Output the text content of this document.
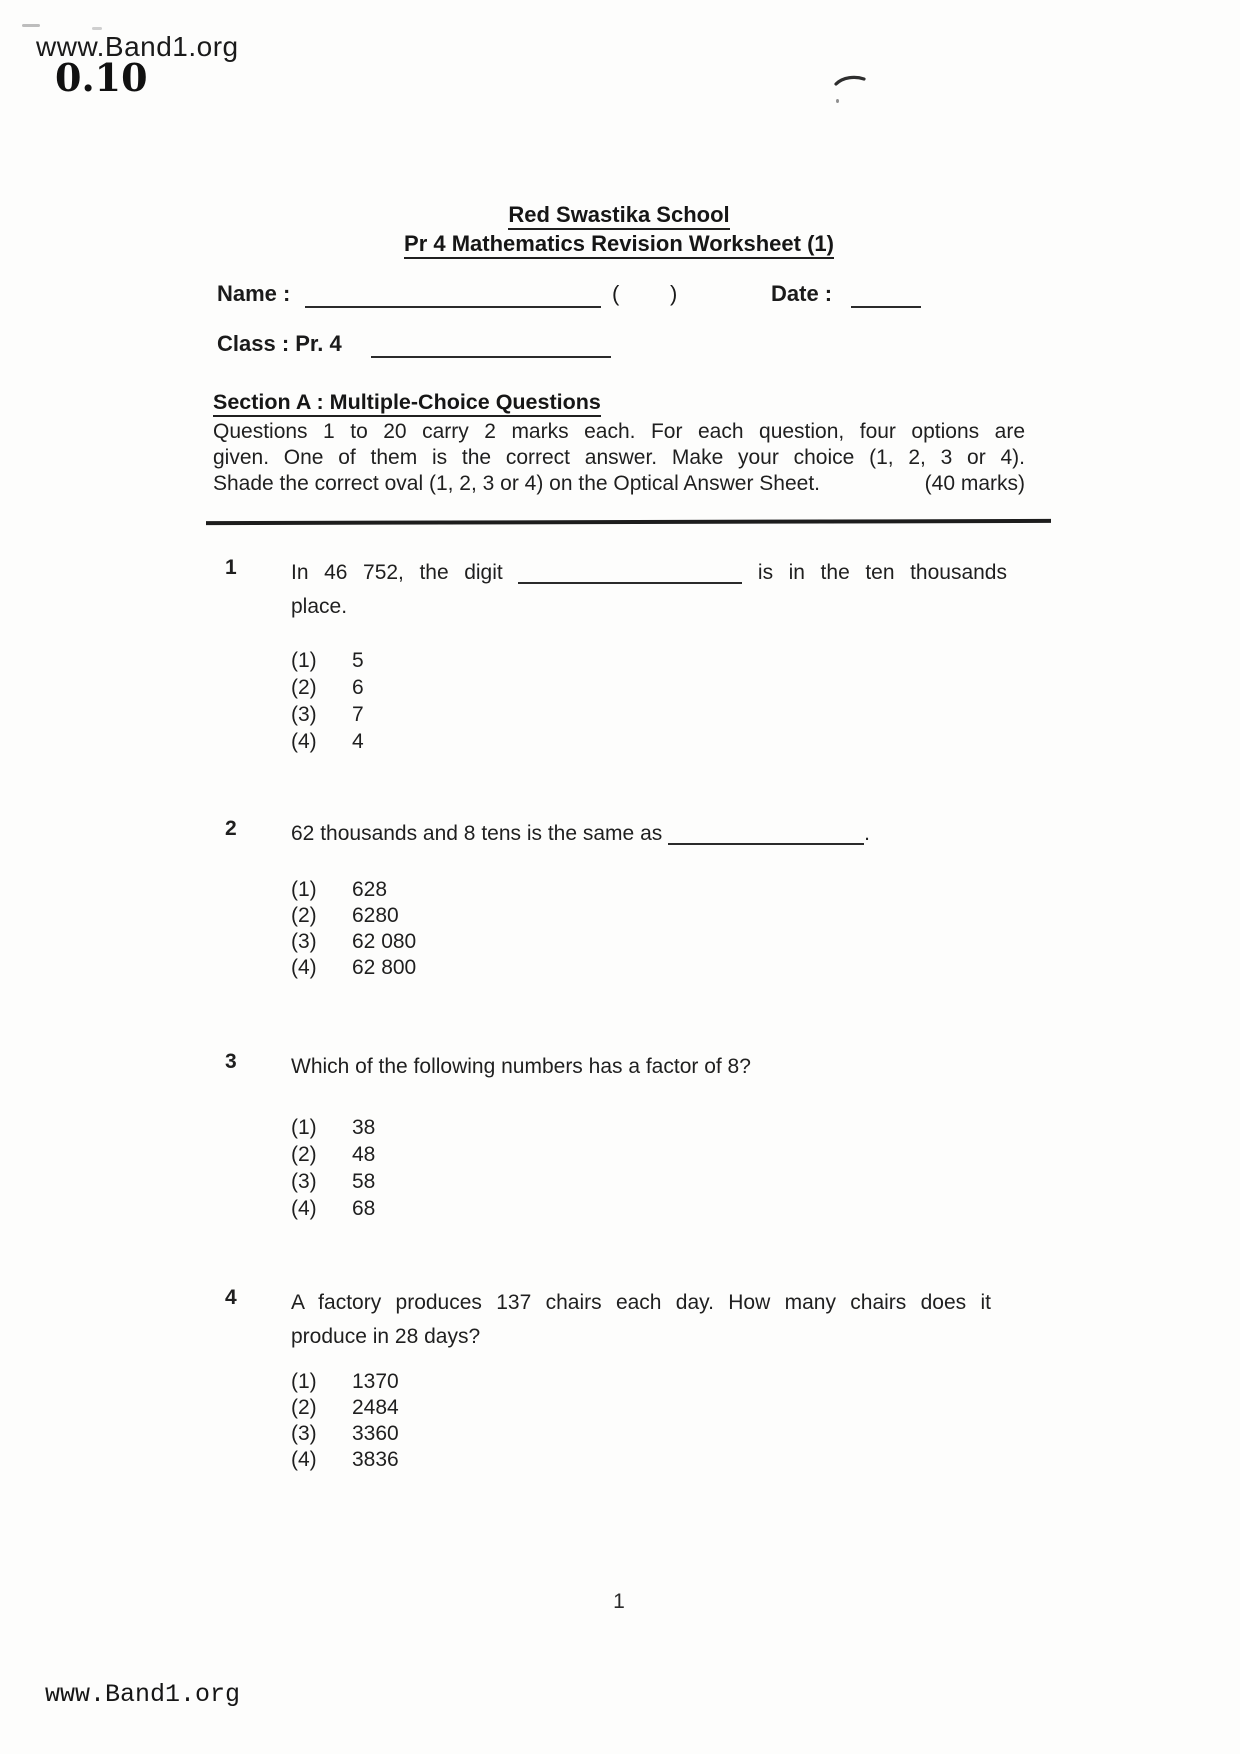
www.Band1.org
0.10
Red Swastika School
Pr 4 Mathematics Revision Worksheet (1)
Name :	( )	Date :
Class : Pr. 4
Section A : Multiple-Choice Questions
Questions 1 to 20 carry 2 marks each. For each question, four options are
given. One of them is the correct answer. Make your choice (1, 2, 3 or 4).
Shade the correct oval (1, 2, 3 or 4) on the Optical Answer Sheet.	(40 marks)
1	In 46 752, the digit	is in the ten thousands
place.
(1)	5
(2)	6
(3)	7
(4)	4
2	62 thousands and 8 tens is the same as	.
(1)	628
(2)	6280
(3)	62 080
(4)	62 800
3	Which of the following numbers has a factor of 8?
(1)	38
(2)	48
(3)	58
(4)	68
4	A factory produces 137 chairs each day. How many chairs does it
produce in 28 days?
(1)	1370
(2)	2484
(3)	3360
(4)	3836
1
www.Band1.org
